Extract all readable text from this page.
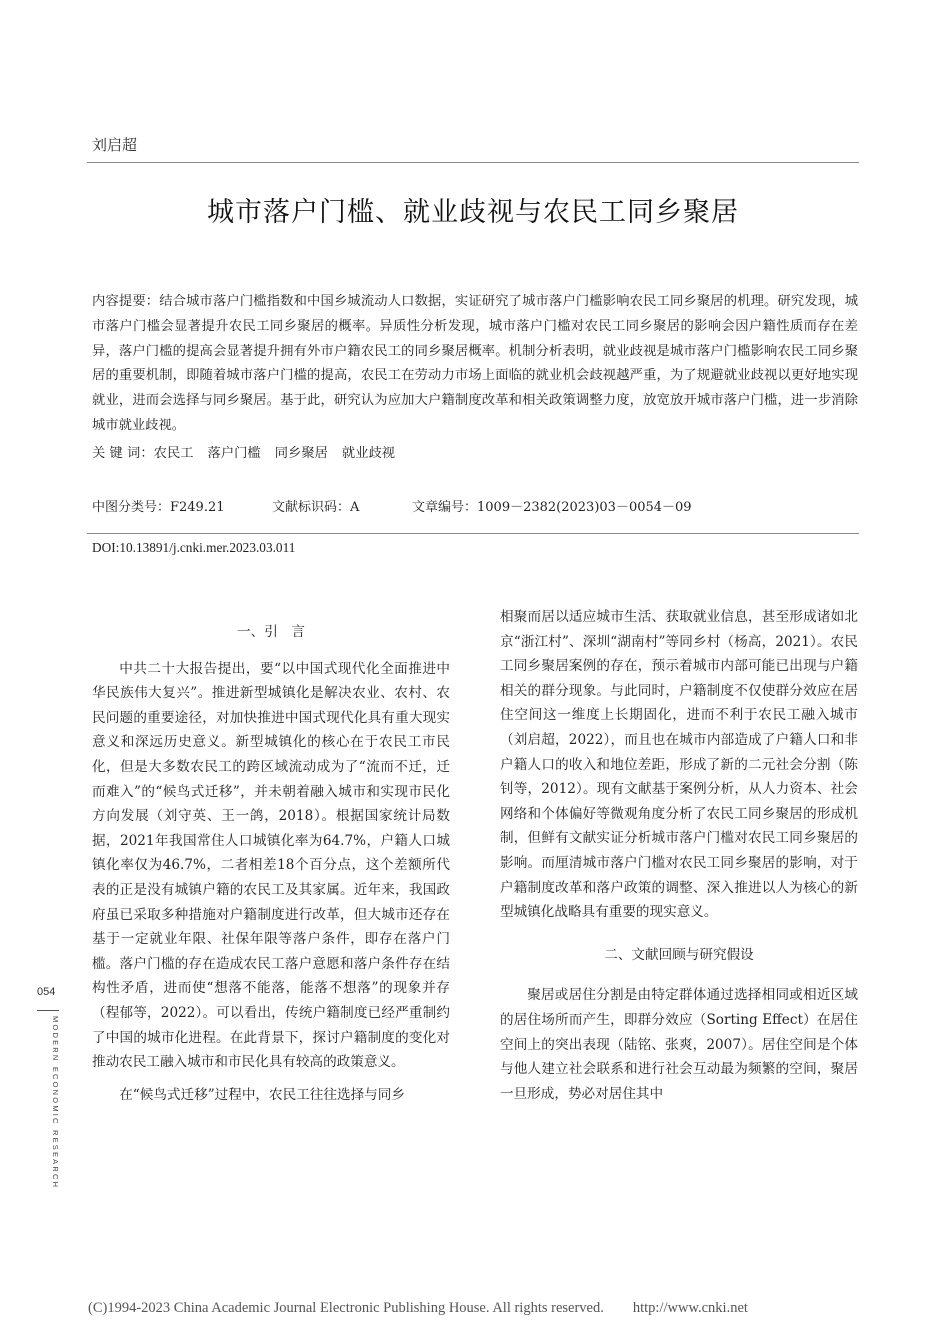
刘启超
城市落户门槛、就业歧视与农民工同乡聚居
内容提要：结合城市落户门槛指数和中国乡城流动人口数据，实证研究了城市落户门槛影响农民工同乡聚居的机理。研究发现，城市落户门槛会显著提升农民工同乡聚居的概率。异质性分析发现，城市落户门槛对农民工同乡聚居的影响会因户籍性质而存在差异，落户门槛的提高会显著提升拥有外市户籍农民工的同乡聚居概率。机制分析表明，就业歧视是城市落户门槛影响农民工同乡聚居的重要机制，即随着城市落户门槛的提高，农民工在劳动力市场上面临的就业机会歧视越严重，为了规避就业歧视以更好地实现就业，进而会选择与同乡聚居。基于此，研究认为应加大户籍制度改革和相关政策调整力度，放宽放开城市落户门槛，进一步消除城市就业歧视。
关 键 词：农民工 落户门槛 同乡聚居 就业歧视
中图分类号：F249.21	文献标识码：A	文章编号：1009－2382(2023)03－0054－09
DOI:10.13891/j.cnki.mer.2023.03.011

一、引　言

中共二十大报告提出，要“以中国式现代化全面推进中华民族伟大复兴”。推进新型城镇化是解决农业、农村、农民问题的重要途径，对加快推进中国式现代化具有重大现实意义和深远历史意义。新型城镇化的核心在于农民工市民化，但是大多数农民工的跨区域流动成为了“流而不迁，迁而难入”的“候鸟式迁移”，并未朝着融入城市和实现市民化方向发展（刘守英、王一鸽，2018）。根据国家统计局数据，2021年我国常住人口城镇化率为64.7%，户籍人口城镇化率仅为46.7%，二者相差18个百分点，这个差额所代表的正是没有城镇户籍的农民工及其家属。近年来，我国政府虽已采取多种措施对户籍制度进行改革，但大城市还存在基于一定就业年限、社保年限等落户条件，即存在落户门槛。落户门槛的存在造成农民工落户意愿和落户条件存在结构性矛盾，进而使“想落不能落，能落不想落”的现象并存（程郁等，2022）。可以看出，传统户籍制度已经严重制约了中国的城市化进程。在此背景下，探讨户籍制度的变化对推动农民工融入城市和市民化具有较高的政策意义。

在“候鸟式迁移”过程中，农民工往往选择与同乡

相聚而居以适应城市生活、获取就业信息，甚至形成诸如北京“浙江村”、深圳“湖南村”等同乡村（杨高，2021）。农民工同乡聚居案例的存在，预示着城市内部可能已出现与户籍相关的群分现象。与此同时，户籍制度不仅使群分效应在居住空间这一维度上长期固化，进而不利于农民工融入城市（刘启超，2022），而且也在城市内部造成了户籍人口和非户籍人口的收入和地位差距，形成了新的二元社会分割（陈钊等，2012）。现有文献基于案例分析，从人力资本、社会网络和个体偏好等微观角度分析了农民工同乡聚居的形成机制，但鲜有文献实证分析城市落户门槛对农民工同乡聚居的影响。而厘清城市落户门槛对农民工同乡聚居的影响，对于户籍制度改革和落户政策的调整、深入推进以人为核心的新型城镇化战略具有重要的现实意义。

二、文献回顾与研究假设

聚居或居住分割是由特定群体通过选择相同或相近区域的居住场所而产生，即群分效应（Sorting Effect）在居住空间上的突出表现（陆铭、张爽，2007）。居住空间是个体与他人建立社会联系和进行社会互动最为频繁的空间，聚居一旦形成，势必对居住其中

054
MODERN ECONOMIC RESEARCH
(C)1994-2023 China Academic Journal Electronic Publishing House. All rights reserved.　　http://www.cnki.net
